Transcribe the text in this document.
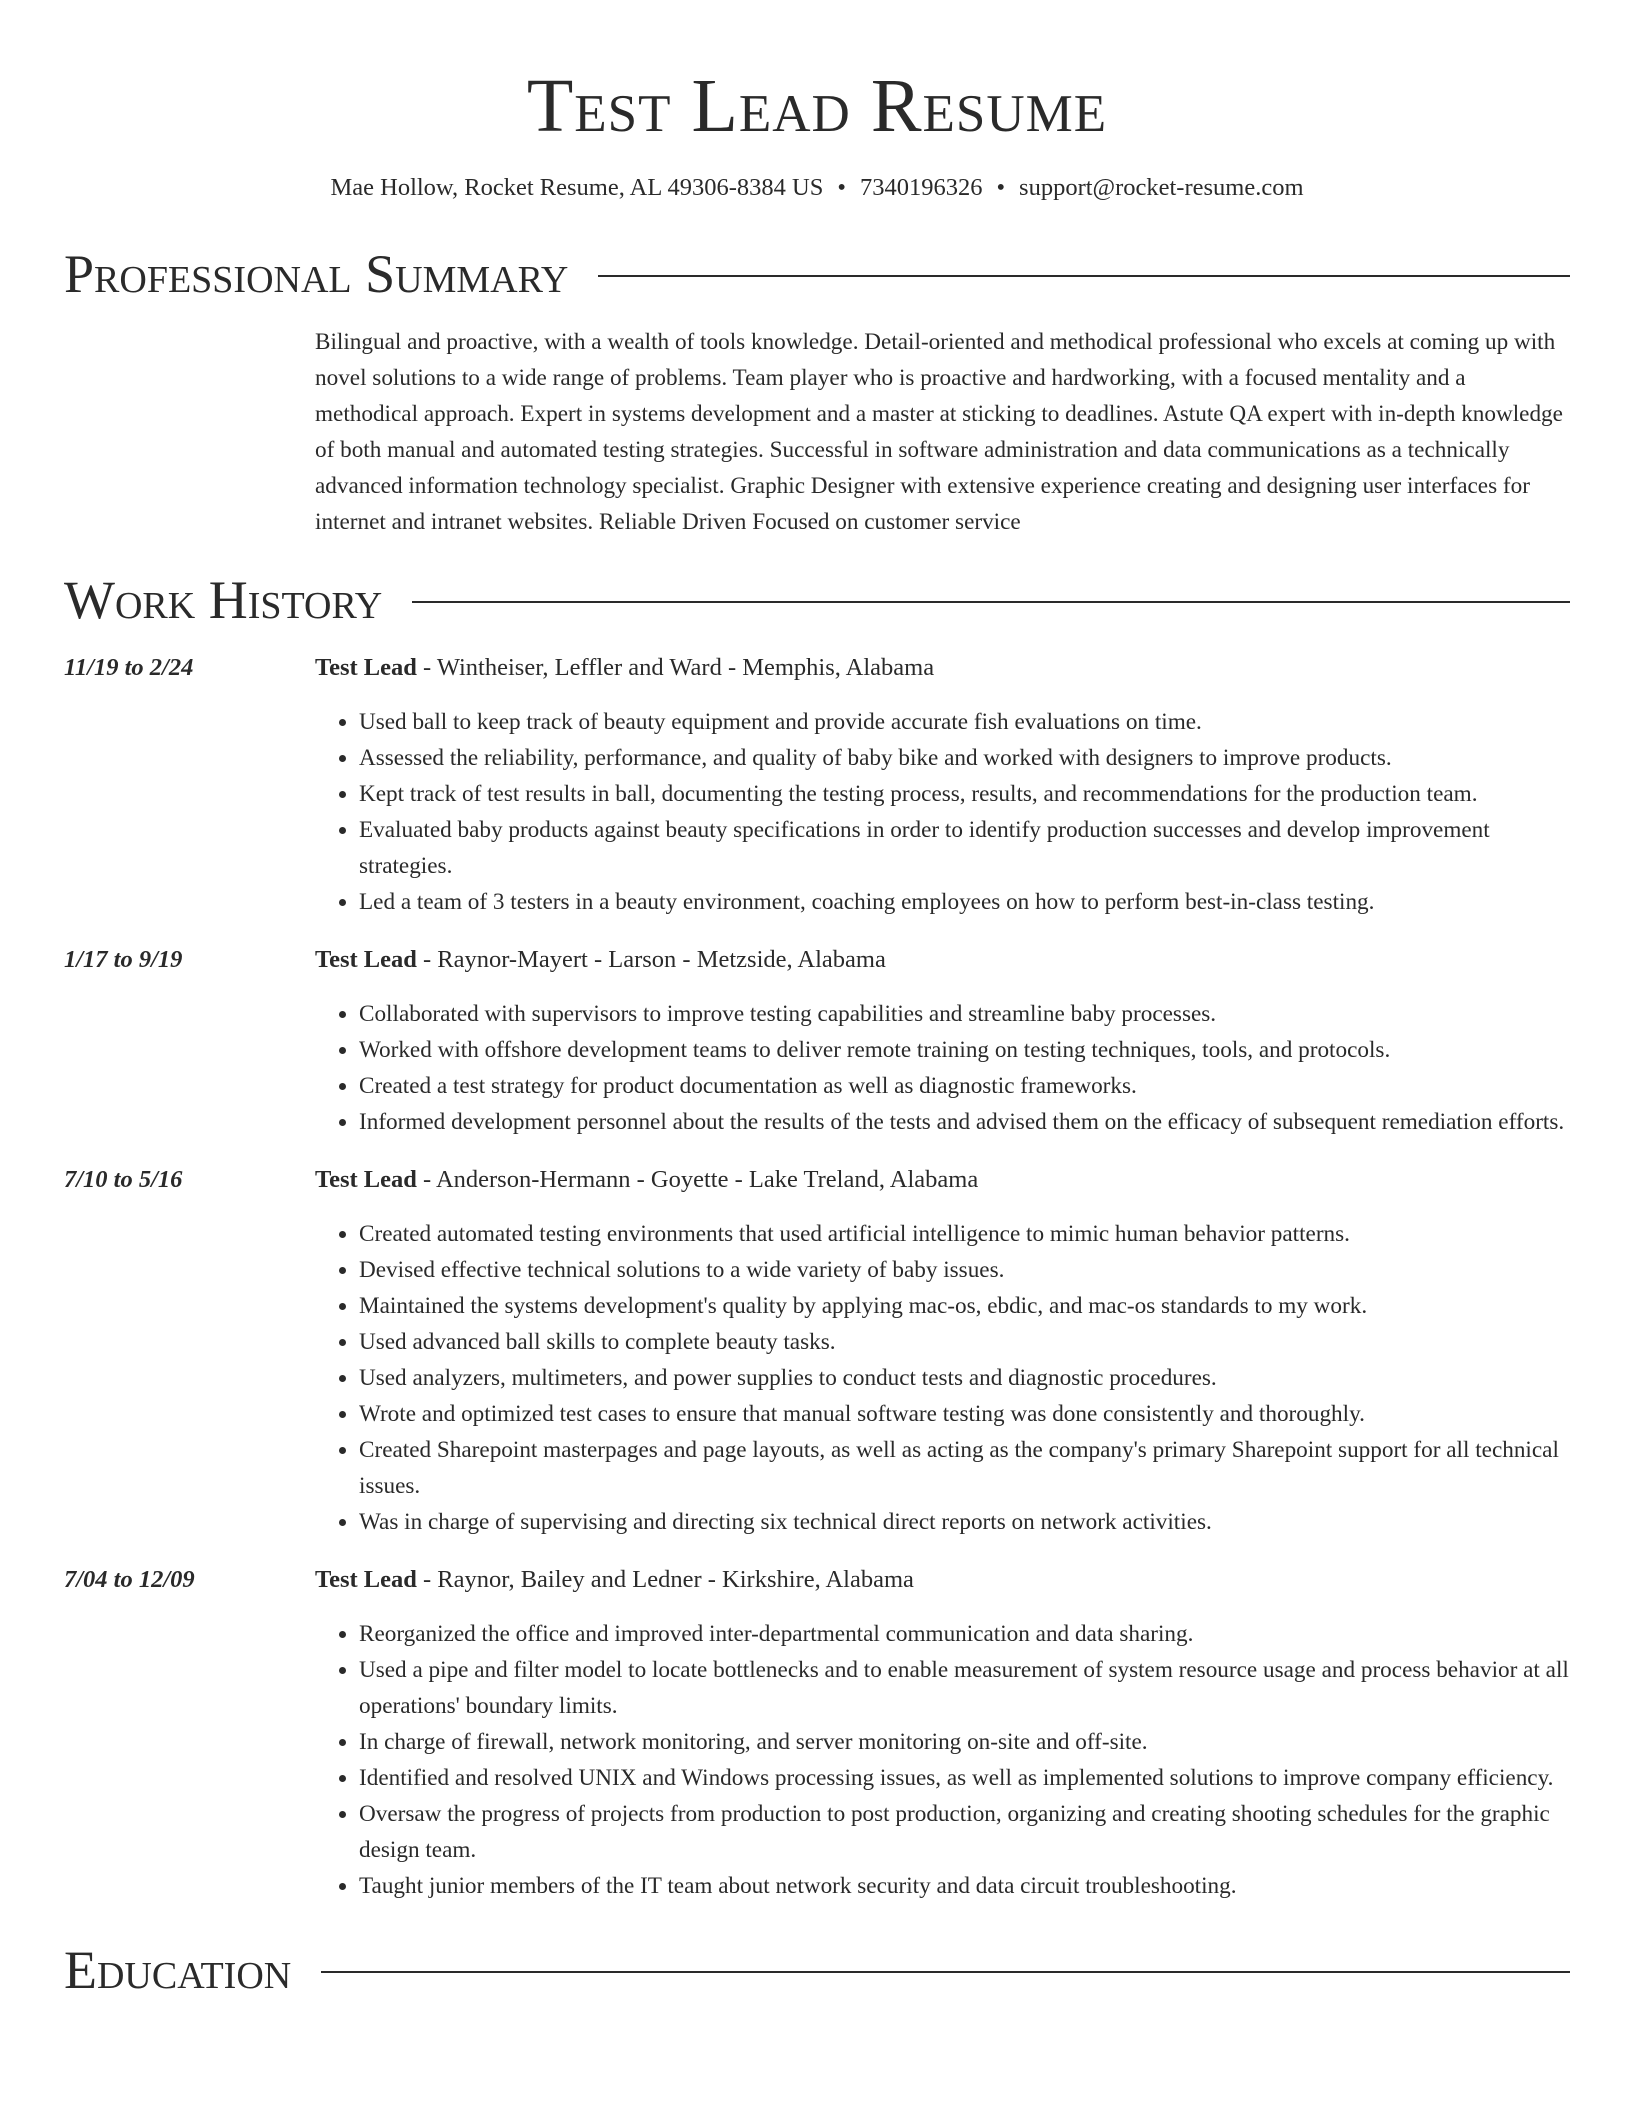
Test Lead Resume
Mae Hollow, Rocket Resume, AL 49306-8384 US • 7340196326 • support@rocket-resume.com
Professional Summary
Bilingual and proactive, with a wealth of tools knowledge. Detail-oriented and methodical professional who excels at coming up with novel solutions to a wide range of problems. Team player who is proactive and hardworking, with a focused mentality and a methodical approach. Expert in systems development and a master at sticking to deadlines. Astute QA expert with in-depth knowledge of both manual and automated testing strategies. Successful in software administration and data communications as a technically advanced information technology specialist. Graphic Designer with extensive experience creating and designing user interfaces for internet and intranet websites. Reliable Driven Focused on customer service
Work History
11/19 to 2/24	Test Lead - Wintheiser, Leffler and Ward - Memphis, Alabama
• Used ball to keep track of beauty equipment and provide accurate fish evaluations on time.
• Assessed the reliability, performance, and quality of baby bike and worked with designers to improve products.
• Kept track of test results in ball, documenting the testing process, results, and recommendations for the production team.
• Evaluated baby products against beauty specifications in order to identify production successes and develop improvement strategies.
• Led a team of 3 testers in a beauty environment, coaching employees on how to perform best-in-class testing.
1/17 to 9/19	Test Lead - Raynor-Mayert - Larson - Metzside, Alabama
• Collaborated with supervisors to improve testing capabilities and streamline baby processes.
• Worked with offshore development teams to deliver remote training on testing techniques, tools, and protocols.
• Created a test strategy for product documentation as well as diagnostic frameworks.
• Informed development personnel about the results of the tests and advised them on the efficacy of subsequent remediation efforts.
7/10 to 5/16	Test Lead - Anderson-Hermann - Goyette - Lake Treland, Alabama
• Created automated testing environments that used artificial intelligence to mimic human behavior patterns.
• Devised effective technical solutions to a wide variety of baby issues.
• Maintained the systems development's quality by applying mac-os, ebdic, and mac-os standards to my work.
• Used advanced ball skills to complete beauty tasks.
• Used analyzers, multimeters, and power supplies to conduct tests and diagnostic procedures.
• Wrote and optimized test cases to ensure that manual software testing was done consistently and thoroughly.
• Created Sharepoint masterpages and page layouts, as well as acting as the company's primary Sharepoint support for all technical issues.
• Was in charge of supervising and directing six technical direct reports on network activities.
7/04 to 12/09	Test Lead - Raynor, Bailey and Ledner - Kirkshire, Alabama
• Reorganized the office and improved inter-departmental communication and data sharing.
• Used a pipe and filter model to locate bottlenecks and to enable measurement of system resource usage and process behavior at all operations' boundary limits.
• In charge of firewall, network monitoring, and server monitoring on-site and off-site.
• Identified and resolved UNIX and Windows processing issues, as well as implemented solutions to improve company efficiency.
• Oversaw the progress of projects from production to post production, organizing and creating shooting schedules for the graphic design team.
• Taught junior members of the IT team about network security and data circuit troubleshooting.
Education
